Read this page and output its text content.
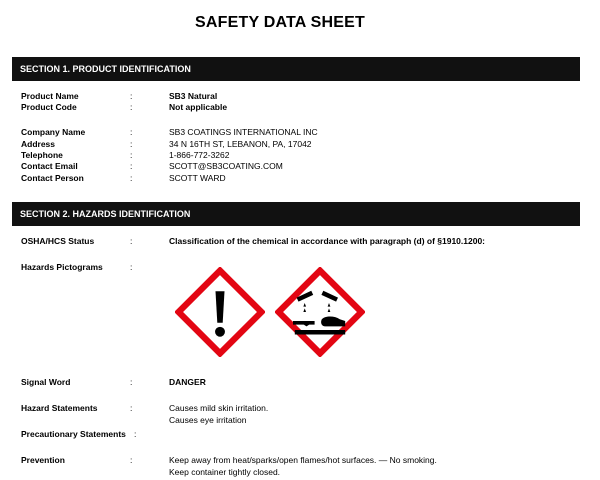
SAFETY DATA SHEET
SECTION 1. PRODUCT IDENTIFICATION
Product Name	:	SB3 Natural
Product Code	:	Not applicable
Company Name	:	SB3 COATINGS INTERNATIONAL INC
Address	:	34 N 16TH ST, LEBANON, PA, 17042
Telephone	:	1-866-772-3262
Contact Email	:	SCOTT@SB3COATING.COM
Contact Person	:	SCOTT WARD
SECTION 2. HAZARDS IDENTIFICATION
OSHA/HCS Status	:	Classification of the chemical in accordance with paragraph (d) of §1910.1200:
Hazards Pictograms	:
Signal Word	:	DANGER
Hazard Statements	:	Causes mild skin irritation.
Causes eye irritation
Precautionary Statements :
Prevention	:	Keep away from heat/sparks/open flames/hot surfaces. — No smoking.
Keep container tightly closed.
